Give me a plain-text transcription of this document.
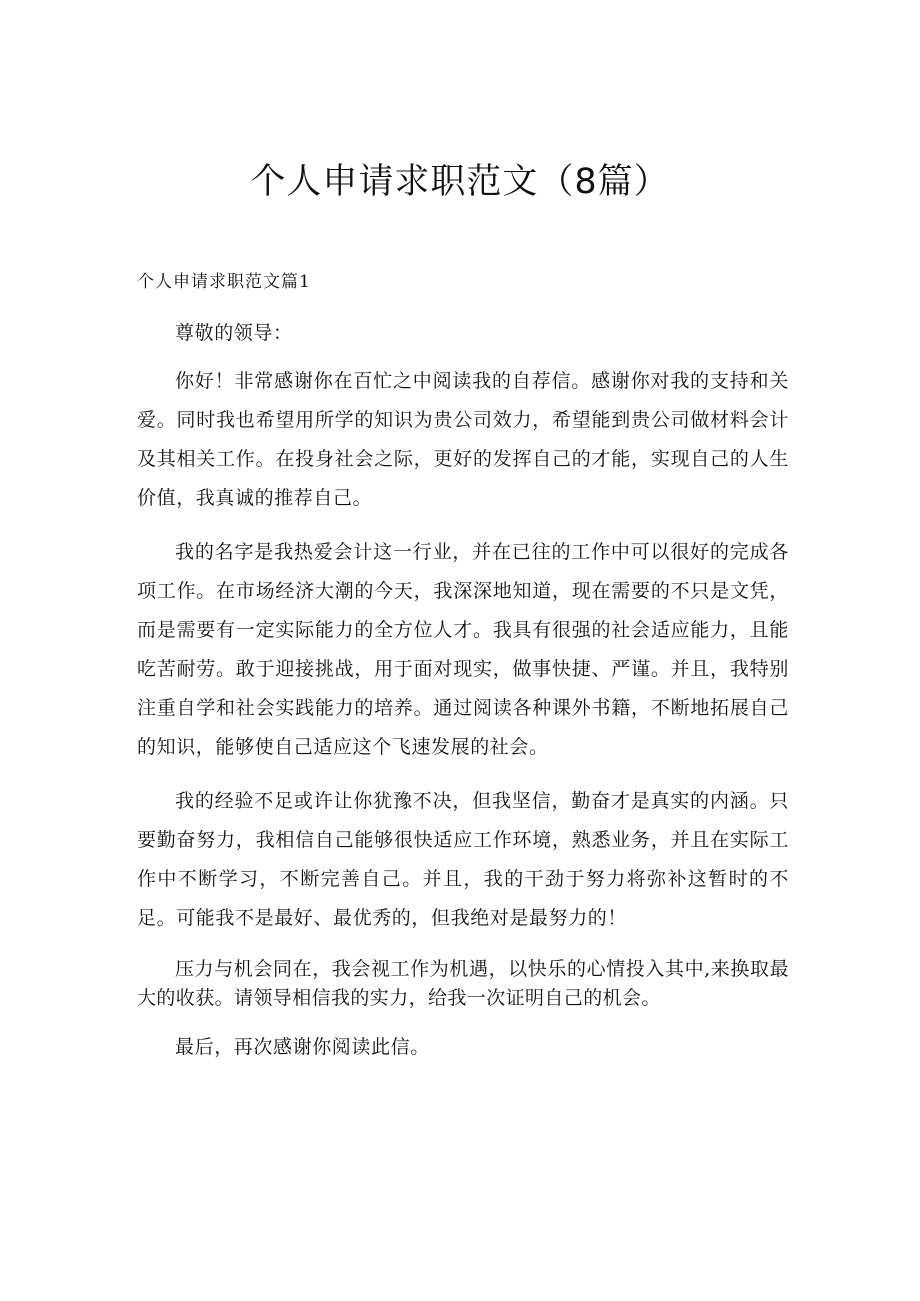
个人申请求职范文（8篇）
个人申请求职范文篇1

尊敬的领导：

你好！非常感谢你在百忙之中阅读我的自荐信。感谢你对我的支持和关爱。同时我也希望用所学的知识为贵公司效力，希望能到贵公司做材料会计及其相关工作。在投身社会之际，更好的发挥自己的才能，实现自己的人生价值，我真诚的推荐自己。

我的名字是我热爱会计这一行业，并在已往的工作中可以很好的完成各项工作。在市场经济大潮的今天，我深深地知道，现在需要的不只是文凭，而是需要有一定实际能力的全方位人才。我具有很强的社会适应能力，且能吃苦耐劳。敢于迎接挑战，用于面对现实，做事快捷、严谨。并且，我特别注重自学和社会实践能力的培养。通过阅读各种课外书籍，不断地拓展自己的知识，能够使自己适应这个飞速发展的社会。

我的经验不足或许让你犹豫不决，但我坚信，勤奋才是真实的内涵。只要勤奋努力，我相信自己能够很快适应工作环境，熟悉业务，并且在实际工作中不断学习，不断完善自己。并且，我的干劲于努力将弥补这暂时的不足。可能我不是最好、最优秀的，但我绝对是最努力的！

压力与机会同在，我会视工作为机遇，以快乐的心情投入其中,来换取最大的收获。请领导相信我的实力，给我一次证明自己的机会。

最后，再次感谢你阅读此信。
